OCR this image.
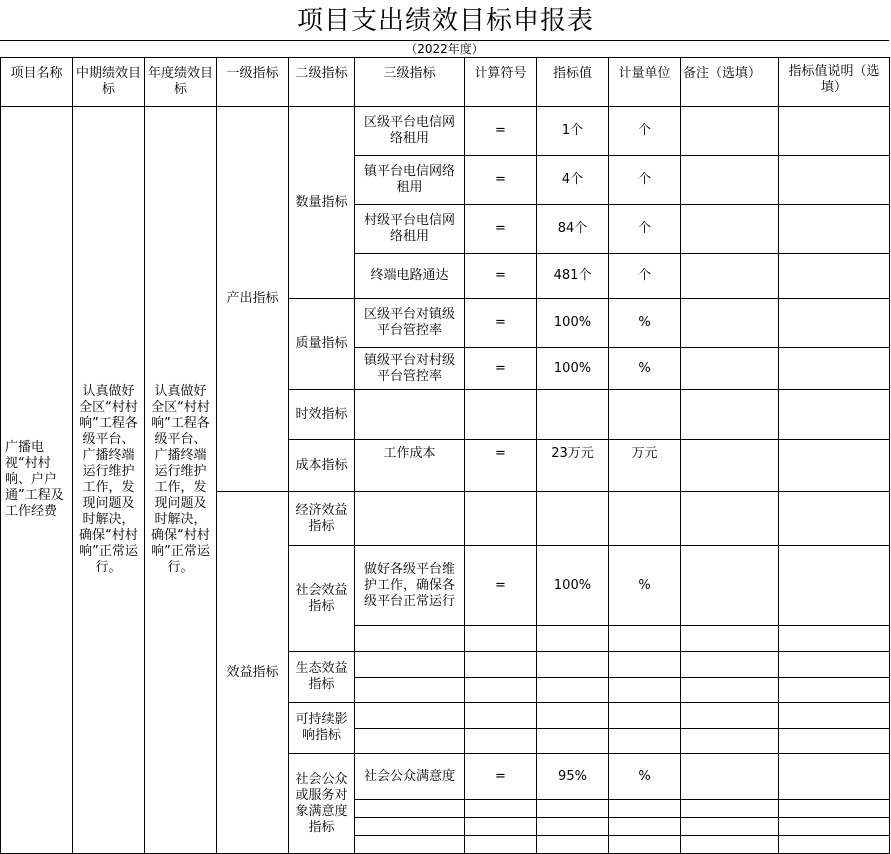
项目支出绩效目标申报表
（2022年度）
项目名称	中期绩效目标	年度绩效目标	一级指标	二级指标	三级指标	计算符号	指标值	计量单位	备注（选填）	指标值说明（选填）
广播电视“村村响、户户通”工程及工作经费	认真做好全区“村村响”工程各级平台、广播终端运行维护工作，发现问题及时解决，确保“村村响”正常运行。	认真做好全区“村村响”工程各级平台、广播终端运行维护工作，发现问题及时解决，确保“村村响”正常运行。	产出指标	数量指标	区级平台电信网络租用	=	1个	个		
					镇平台电信网络租用	=	4个	个		
					村级平台电信网络租用	=	84个	个		
					终端电路通达	=	481个	个		
				质量指标	区级平台对镇级平台管控率	=	100%	%		
					镇级平台对村级平台管控率	=	100%	%		
				时效指标						
				成本指标	工作成本	=	23万元	万元		
			效益指标	经济效益指标						
				社会效益指标	做好各级平台维护工作，确保各级平台正常运行	=	100%	%		

				生态效益指标						

				可持续影响指标						

				社会公众或服务对象满意度指标	社会公众满意度	=	95%	%		
